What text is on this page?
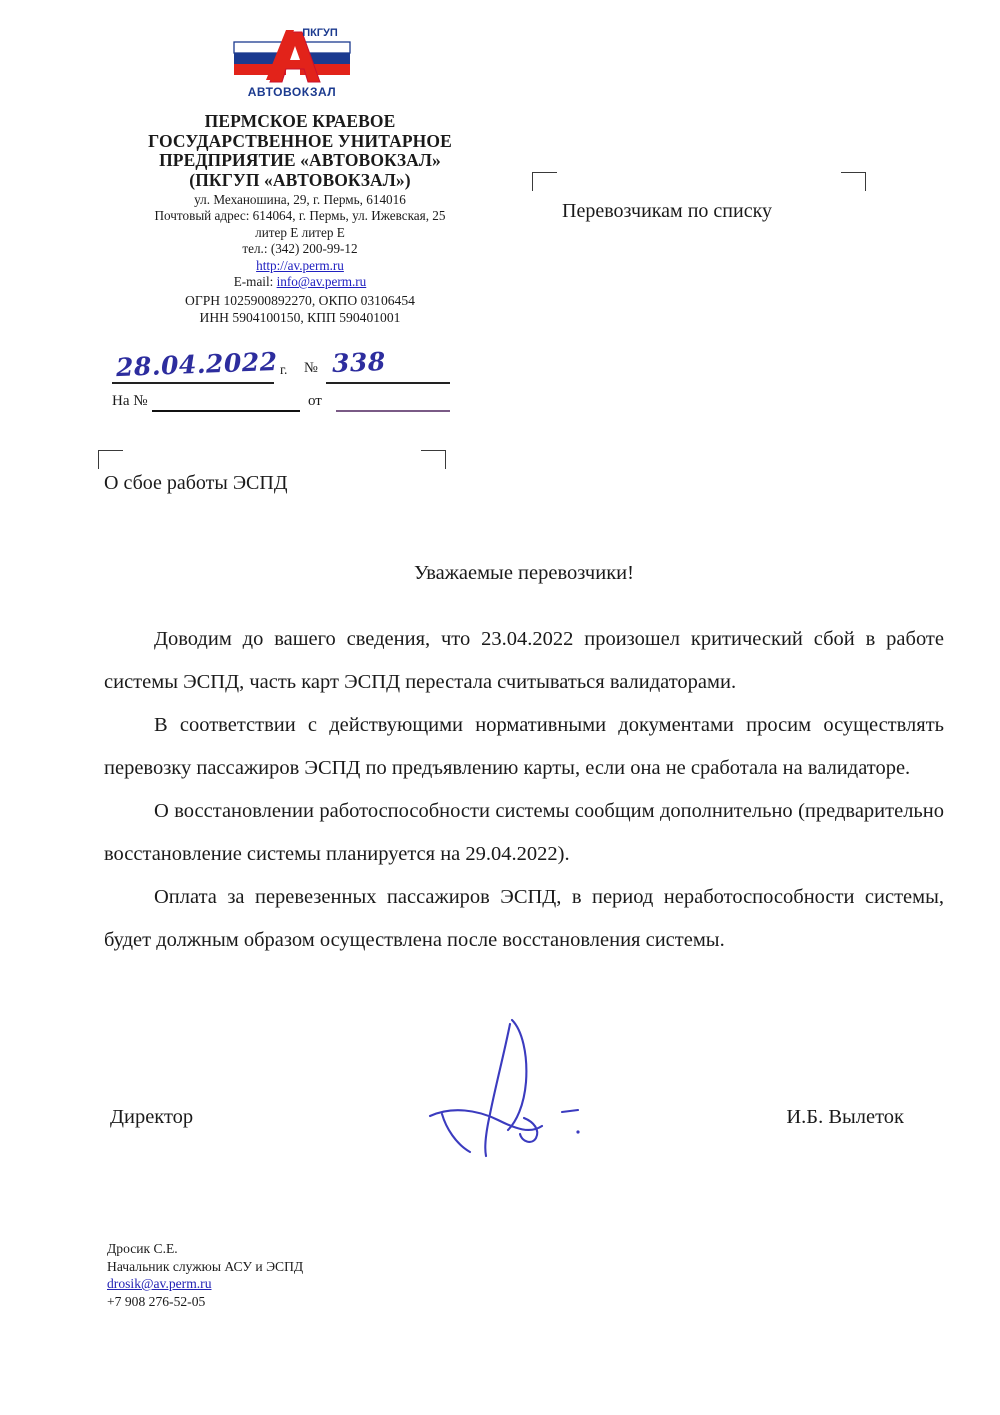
ПКГУП
АВТОВОКЗАЛ
ПЕРМСКОЕ КРАЕВОЕ
ГОСУДАРСТВЕННОЕ УНИТАРНОЕ
ПРЕДПРИЯТИЕ «АВТОВОКЗАЛ»
(ПКГУП «АВТОВОКЗАЛ»)
ул. Механошина, 29, г. Пермь, 614016
Почтовый адрес: 614064, г. Пермь, ул. Ижевская, 25
литер Е литер Е
тел.: (342) 200-99-12
http://av.perm.ru
E-mail: info@av.perm.ru
ОГРН 1025900892270, ОКПО 03106454
ИНН 5904100150, КПП 590401001
28.04.2022 г. № 338
На №	от
Перевозчикам по списку
О сбое работы ЭСПД
Уважаемые перевозчики!

Доводим до вашего сведения, что 23.04.2022 произошел критический сбой в работе системы ЭСПД, часть карт ЭСПД перестала считываться валидаторами.

В соответствии с действующими нормативными документами просим осуществлять перевозку пассажиров ЭСПД по предъявлению карты, если она не сработала на валидаторе.

О восстановлении работоспособности системы сообщим дополнительно (предварительно восстановление системы планируется на 29.04.2022).

Оплата за перевезенных пассажиров ЭСПД, в период неработоспособности системы, будет должным образом осуществлена после восстановления системы.

Директор	И.Б. Вылеток
Дросик С.Е.
Начальник служюы АСУ и ЭСПД
drosik@av.perm.ru
+7 908 276-52-05
